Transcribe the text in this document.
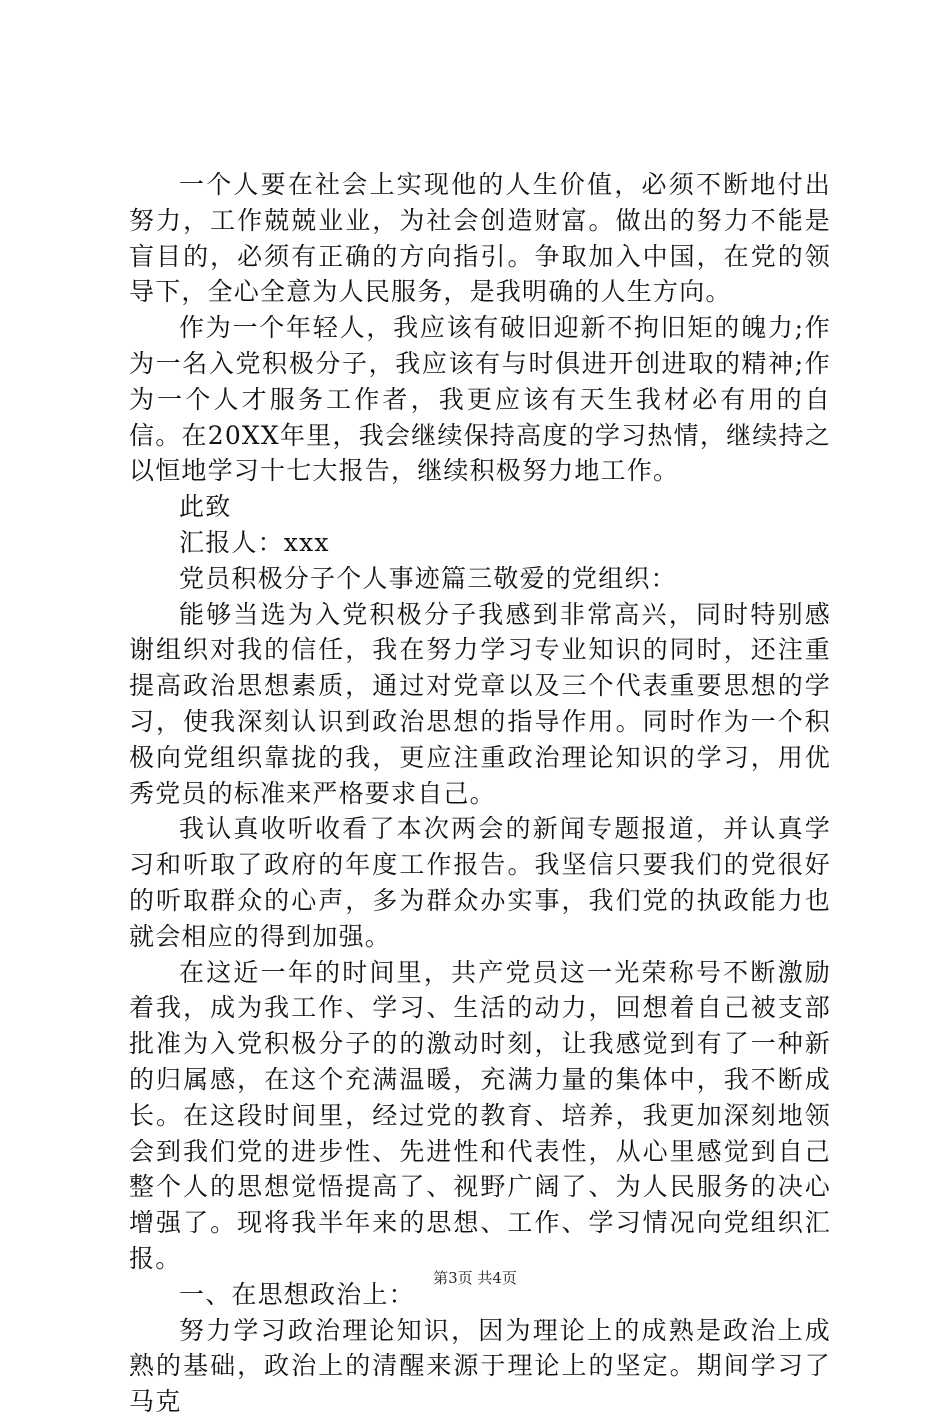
一个人要在社会上实现他的人生价值，必须不断地付出努力，工作兢兢业业，为社会创造财富。做出的努力不能是盲目的，必须有正确的方向指引。争取加入中国，在党的领导下，全心全意为人民服务，是我明确的人生方向。

作为一个年轻人，我应该有破旧迎新不拘旧矩的魄力;作为一名入党积极分子，我应该有与时俱进开创进取的精神;作为一个人才服务工作者，我更应该有天生我材必有用的自信。在20XX年里，我会继续保持高度的学习热情，继续持之以恒地学习十七大报告，继续积极努力地工作。

此致

汇报人：xxx

党员积极分子个人事迹篇三敬爱的党组织：

能够当选为入党积极分子我感到非常高兴，同时特别感谢组织对我的信任，我在努力学习专业知识的同时，还注重提高政治思想素质，通过对党章以及三个代表重要思想的学习，使我深刻认识到政治思想的指导作用。同时作为一个积极向党组织靠拢的我，更应注重政治理论知识的学习，用优秀党员的标准来严格要求自己。

我认真收听收看了本次两会的新闻专题报道，并认真学习和听取了政府的年度工作报告。我坚信只要我们的党很好的听取群众的心声，多为群众办实事，我们党的执政能力也就会相应的得到加强。

在这近一年的时间里，共产党员这一光荣称号不断激励着我，成为我工作、学习、生活的动力，回想着自己被支部批准为入党积极分子的的激动时刻，让我感觉到有了一种新的归属感，在这个充满温暖，充满力量的集体中，我不断成长。在这段时间里，经过党的教育、培养，我更加深刻地领会到我们党的进步性、先进性和代表性，从心里感觉到自己整个人的思想觉悟提高了、视野广阔了、为人民服务的决心增强了。现将我半年来的思想、工作、学习情况向党组织汇报。

一、在思想政治上：

努力学习政治理论知识，因为理论上的成熟是政治上成熟的基础，政治上的清醒来源于理论上的坚定。期间学习了马克

第3页 共4页
